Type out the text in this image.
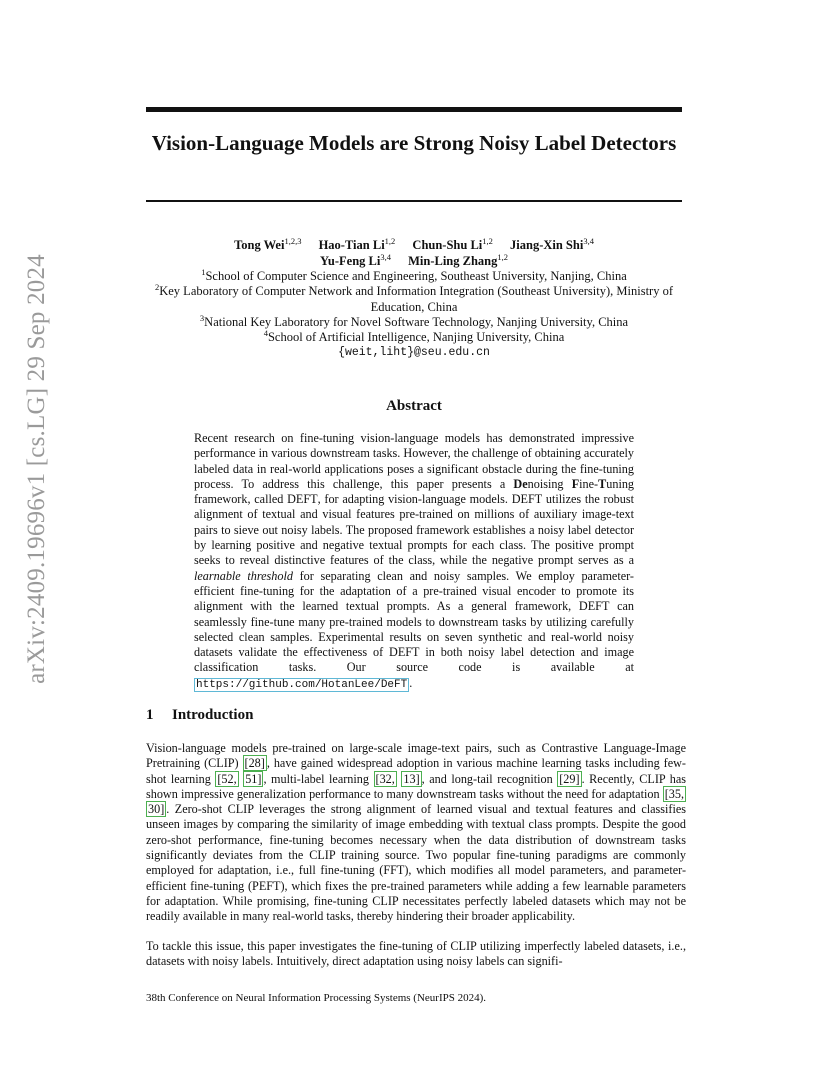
arXiv:2409.19696v1 [cs.LG] 29 Sep 2024
Vision-Language Models are Strong Noisy Label Detectors
Tong Wei$^{1,2,3}$ Hao-Tian Li$^{1,2}$ Chun-Shu Li$^{1,2}$ Jiang-Xin Shi$^{3,4}$
Yu-Feng Li$^{3,4}$ Min-Ling Zhang$^{1,2}$
$^1$School of Computer Science and Engineering, Southeast University, Nanjing, China
$^2$Key Laboratory of Computer Network and Information Integration (Southeast University), Ministry of Education, China
$^3$National Key Laboratory for Novel Software Technology, Nanjing University, China
$^4$School of Artificial Intelligence, Nanjing University, China
{weit,liht}@seu.edu.cn
Abstract
Recent research on fine-tuning vision-language models has demonstrated impressive performance in various downstream tasks. However, the challenge of obtaining accurately labeled data in real-world applications poses a significant obstacle during the fine-tuning process. To address this challenge, this paper presents a Denoising Fine-Tuning framework, called DEFT, for adapting vision-language models. DEFT utilizes the robust alignment of textual and visual features pre-trained on millions of auxiliary image-text pairs to sieve out noisy labels. The proposed framework establishes a noisy label detector by learning positive and negative textual prompts for each class. The positive prompt seeks to reveal distinctive features of the class, while the negative prompt serves as a learnable threshold for separating clean and noisy samples. We employ parameter-efficient fine-tuning for the adaptation of a pre-trained visual encoder to promote its alignment with the learned textual prompts. As a general framework, DEFT can seamlessly fine-tune many pre-trained models to downstream tasks by utilizing carefully selected clean samples. Experimental results on seven synthetic and real-world noisy datasets validate the effectiveness of DEFT in both noisy label detection and image classification tasks. Our source code is available at https://github.com/HotanLee/DeFT .
1 Introduction
Vision-language models pre-trained on large-scale image-text pairs, such as Contrastive Language-Image Pretraining (CLIP) [28] , have gained widespread adoption in various machine learning tasks including few-shot learning [52, 51] , multi-label learning [32, 13] , and long-tail recognition [29] . Recently, CLIP has shown impressive generalization performance to many downstream tasks without the need for adaptation [35, 30] . Zero-shot CLIP leverages the strong alignment of learned visual and textual features and classifies unseen images by comparing the similarity of image embedding with textual class prompts. Despite the good zero-shot performance, fine-tuning becomes necessary when the data distribution of downstream tasks significantly deviates from the CLIP training source. Two popular fine-tuning paradigms are commonly employed for adaptation, i.e., full fine-tuning (FFT), which modifies all model parameters, and parameter-efficient fine-tuning (PEFT), which fixes the pre-trained parameters while adding a few learnable parameters for adaptation. While promising, fine-tuning CLIP necessitates perfectly labeled datasets which may not be readily available in many real-world tasks, thereby hindering their broader applicability.
To tackle this issue, this paper investigates the fine-tuning of CLIP utilizing imperfectly labeled datasets, i.e., datasets with noisy labels. Intuitively, direct adaptation using noisy labels can signifi-
38th Conference on Neural Information Processing Systems (NeurIPS 2024).
